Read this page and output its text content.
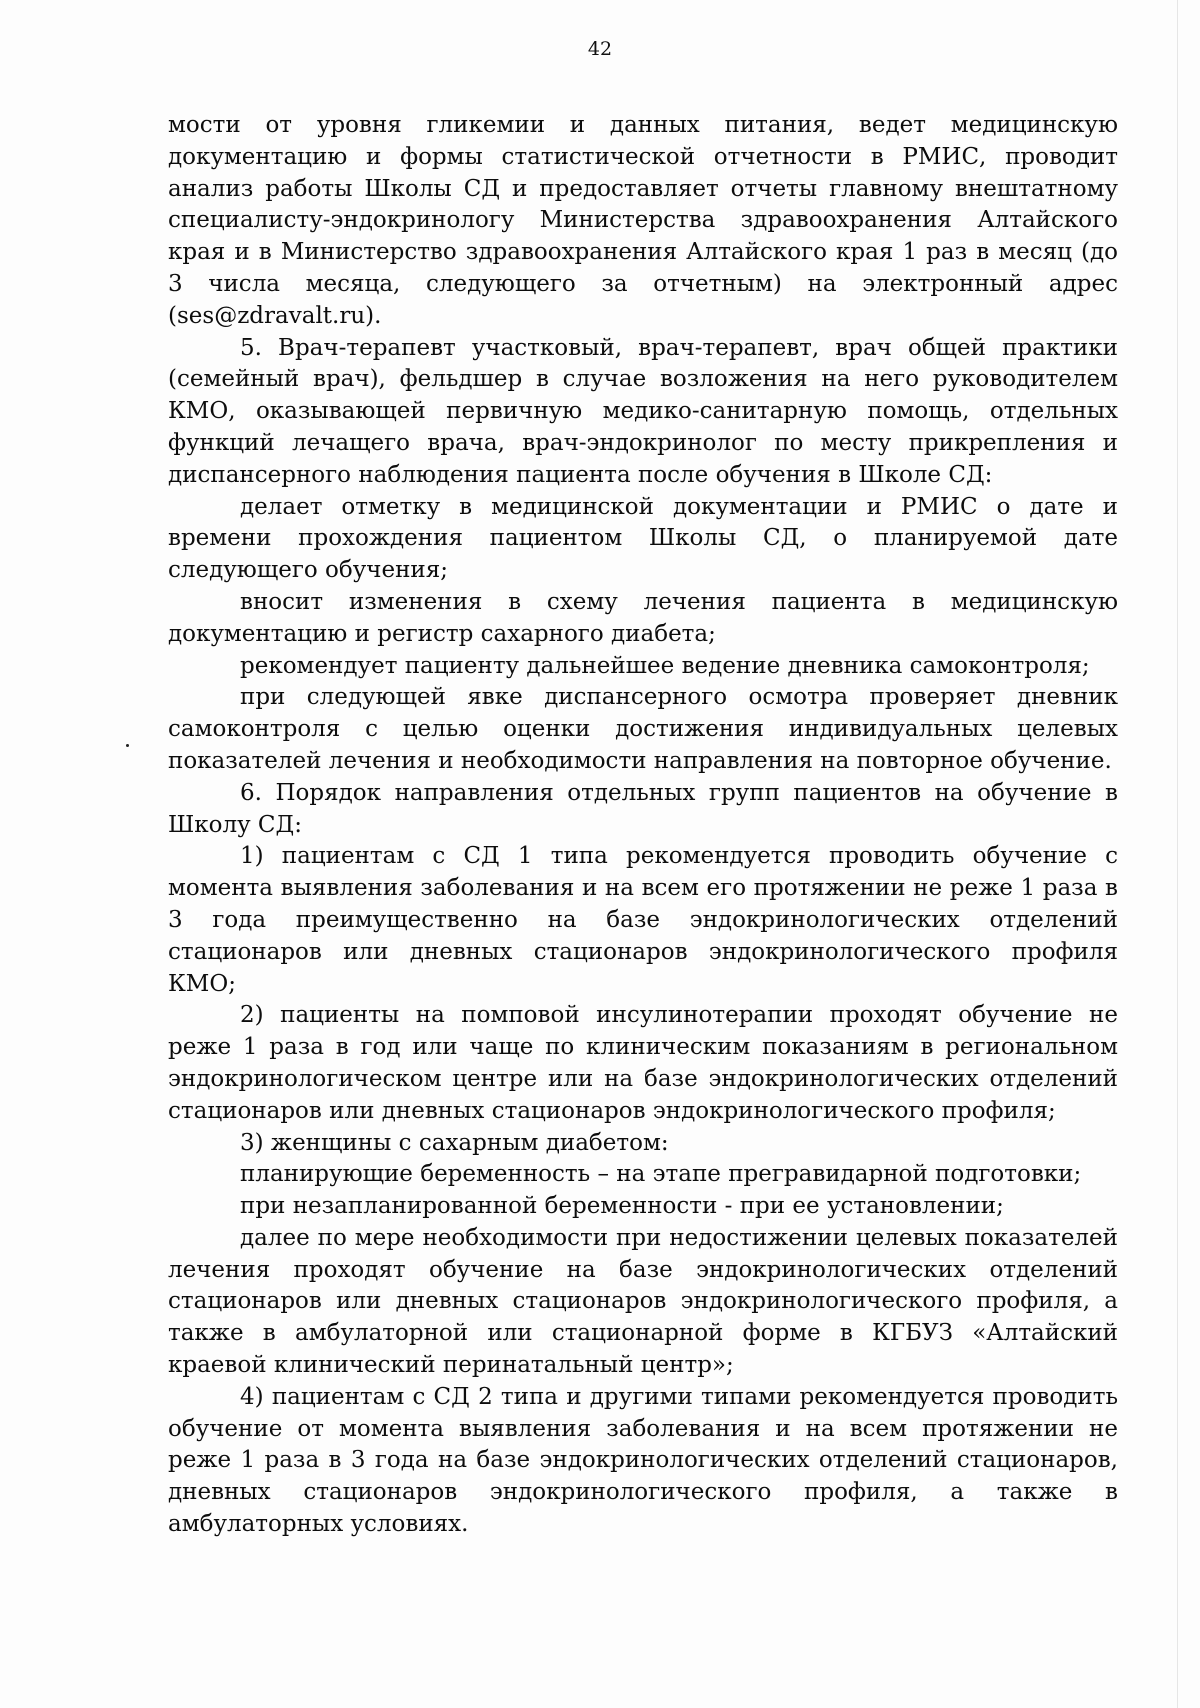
42

мости от уровня гликемии и данных питания, ведет медицинскую документацию и формы статистической отчетности в РМИС, проводит анализ работы Школы СД и предоставляет отчеты главному внештатному специалисту-эндокринологу Министерства здравоохранения Алтайского края и в Министерство здравоохранения Алтайского края 1 раз в месяц (до 3 числа месяца, следующего за отчетным) на электронный адрес (ses@zdravalt.ru).

5. Врач-терапевт участковый, врач-терапевт, врач общей практики (семейный врач), фельдшер в случае возложения на него руководителем КМО, оказывающей первичную медико-санитарную помощь, отдельных функций лечащего врача, врач-эндокринолог по месту прикрепления и диспансерного наблюдения пациента после обучения в Школе СД:

делает отметку в медицинской документации и РМИС о дате и времени прохождения пациентом Школы СД, о планируемой дате следующего обучения;

вносит изменения в схему лечения пациента в медицинскую документацию и регистр сахарного диабета;

рекомендует пациенту дальнейшее ведение дневника самоконтроля;

при следующей явке диспансерного осмотра проверяет дневник самоконтроля с целью оценки достижения индивидуальных целевых показателей лечения и необходимости направления на повторное обучение.

6. Порядок направления отдельных групп пациентов на обучение в Школу СД:

1) пациентам с СД 1 типа рекомендуется проводить обучение с момента выявления заболевания и на всем его протяжении не реже 1 раза в 3 года преимущественно на базе эндокринологических отделений стационаров или дневных стационаров эндокринологического профиля КМО;

2) пациенты на помповой инсулинотерапии проходят обучение не реже 1 раза в год или чаще по клиническим показаниям в региональном эндокринологическом центре или на базе эндокринологических отделений стационаров или дневных стационаров эндокринологического профиля;

3) женщины с сахарным диабетом:

планирующие беременность – на этапе прегравидарной подготовки;

при незапланированной беременности - при ее установлении;

далее по мере необходимости при недостижении целевых показателей лечения проходят обучение на базе эндокринологических отделений стационаров или дневных стационаров эндокринологического профиля, а также в амбулаторной или стационарной форме в КГБУЗ «Алтайский краевой клинический перинатальный центр»;

4) пациентам с СД 2 типа и другими типами рекомендуется проводить обучение от момента выявления заболевания и на всем протяжении не реже 1 раза в 3 года на базе эндокринологических отделений стационаров, дневных стационаров эндокринологического профиля, а также в амбулаторных условиях.
